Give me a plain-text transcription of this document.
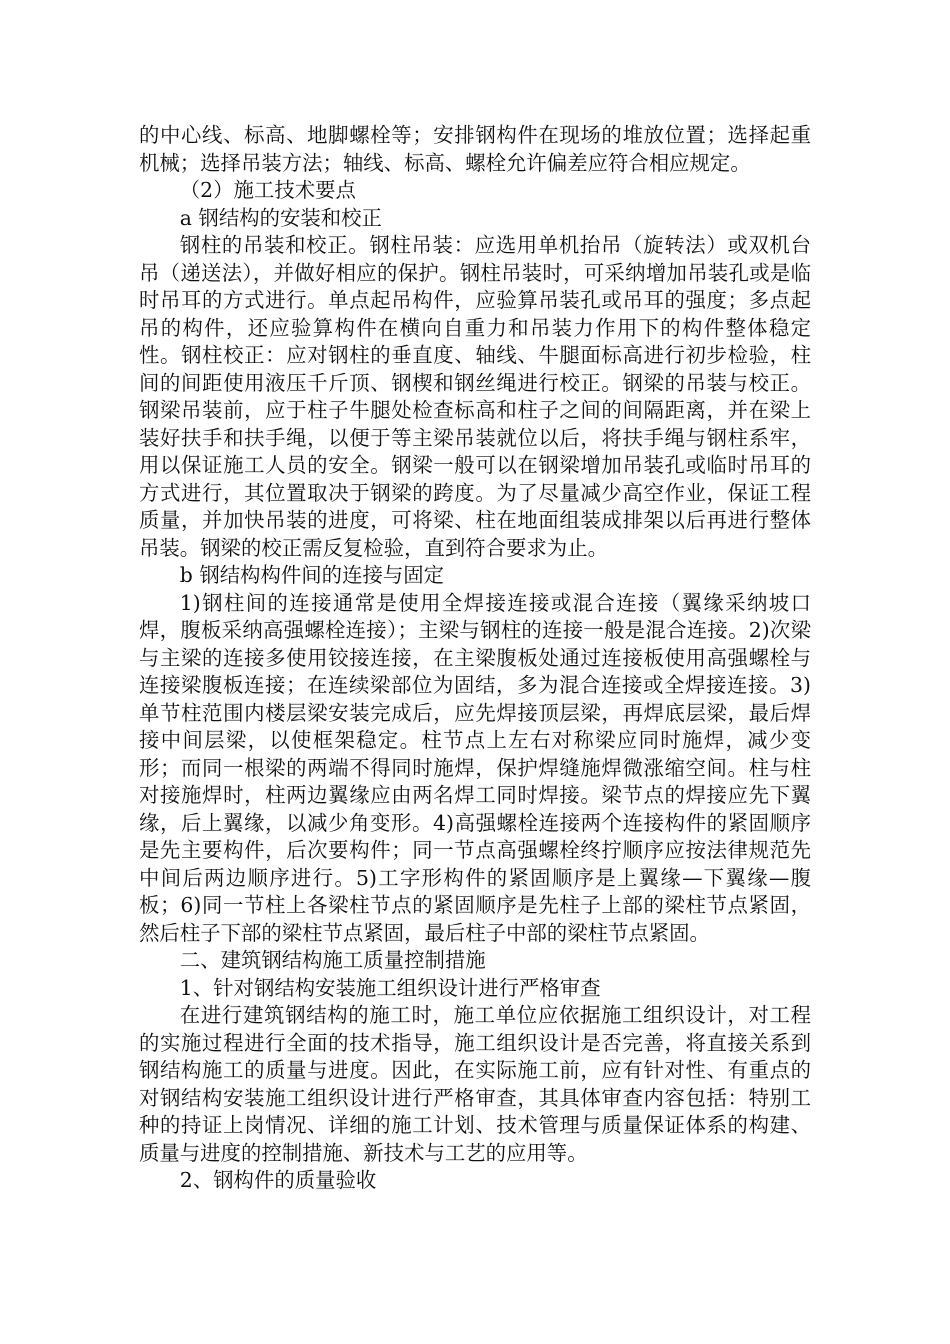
的中心线、标高、地脚螺栓等；安排钢构件在现场的堆放位置；选择起重机械；选择吊装方法；轴线、标高、螺栓允许偏差应符合相应规定。

（2）施工技术要点

a 钢结构的安装和校正

钢柱的吊装和校正。钢柱吊装：应选用单机抬吊（旋转法）或双机台吊（递送法），并做好相应的保护。钢柱吊装时，可采纳增加吊装孔或是临时吊耳的方式进行。单点起吊构件，应验算吊装孔或吊耳的强度；多点起吊的构件，还应验算构件在横向自重力和吊装力作用下的构件整体稳定性。钢柱校正：应对钢柱的垂直度、轴线、牛腿面标高进行初步检验，柱间的间距使用液压千斤顶、钢楔和钢丝绳进行校正。钢梁的吊装与校正。钢梁吊装前，应于柱子牛腿处检查标高和柱子之间的间隔距离，并在梁上装好扶手和扶手绳，以便于等主梁吊装就位以后，将扶手绳与钢柱系牢，用以保证施工人员的安全。钢梁一般可以在钢梁增加吊装孔或临时吊耳的方式进行，其位置取决于钢梁的跨度。为了尽量减少高空作业，保证工程质量，并加快吊装的进度，可将梁、柱在地面组装成排架以后再进行整体吊装。钢梁的校正需反复检验，直到符合要求为止。

b 钢结构构件间的连接与固定

1)钢柱间的连接通常是使用全焊接连接或混合连接（翼缘采纳坡口焊，腹板采纳高强螺栓连接）；主梁与钢柱的连接一般是混合连接。2)次梁与主梁的连接多使用铰接连接，在主梁腹板处通过连接板使用高强螺栓与连接梁腹板连接；在连续梁部位为固结，多为混合连接或全焊接连接。3)单节柱范围内楼层梁安装完成后，应先焊接顶层梁，再焊底层梁，最后焊接中间层梁，以使框架稳定。柱节点上左右对称梁应同时施焊，减少变形；而同一根梁的两端不得同时施焊，保护焊缝施焊微涨缩空间。柱与柱对接施焊时，柱两边翼缘应由两名焊工同时焊接。梁节点的焊接应先下翼缘，后上翼缘，以减少角变形。4)高强螺栓连接两个连接构件的紧固顺序是先主要构件，后次要构件；同一节点高强螺栓终拧顺序应按法律规范先中间后两边顺序进行。5)工字形构件的紧固顺序是上翼缘—下翼缘—腹板；6)同一节柱上各梁柱节点的紧固顺序是先柱子上部的梁柱节点紧固，然后柱子下部的梁柱节点紧固，最后柱子中部的梁柱节点紧固。

二、建筑钢结构施工质量控制措施

1、针对钢结构安装施工组织设计进行严格审查

在进行建筑钢结构的施工时，施工单位应依据施工组织设计，对工程的实施过程进行全面的技术指导，施工组织设计是否完善，将直接关系到钢结构施工的质量与进度。因此，在实际施工前，应有针对性、有重点的对钢结构安装施工组织设计进行严格审查，其具体审查内容包括：特别工种的持证上岗情况、详细的施工计划、技术管理与质量保证体系的构建、质量与进度的控制措施、新技术与工艺的应用等。

2、钢构件的质量验收
